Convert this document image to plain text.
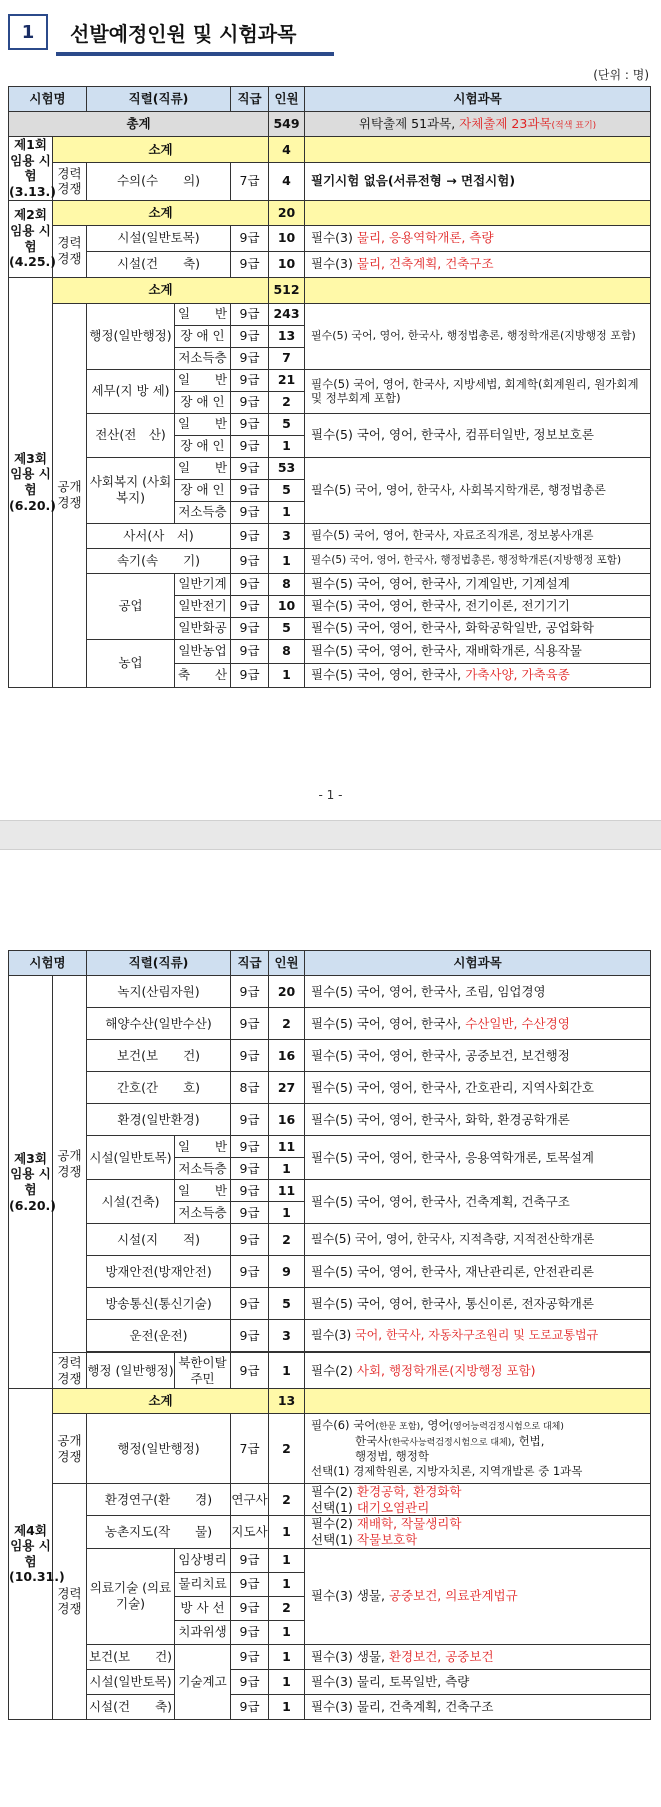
1	선발예정인원 및 시험과목
(단위 : 명)
시험명		직렬(직류)		직급	인원	시험과목
총계					549	위탁출제 51과목, 자체출제 23과목(적색 표기)
제1회 임용 시험 (3.13.)	소계				4	
	경력 경쟁	수의(수　　의)		7급	4	필기시험 없음(서류전형 → 면접시험)
제2회 임용 시험 (4.25.)	소계				20	
	경력 경쟁	시설(일반토목)		9급	10	필수(3) 물리, 응용역학개론, 측량
		시설(건　　축)		9급	10	필수(3) 물리, 건축계획, 건축구조
제3회 임용 시험 (6.20.)	소계				512	
	공개 경쟁	행정(일반행정)	일　　반	9급	243	필수(5) 국어, 영어, 한국사, 행정법총론, 행정학개론(지방행정 포함)
			장 애 인	9급	13	
			저소득층	9급	7	
		세무(지 방 세)	일　　반	9급	21	필수(5) 국어, 영어, 한국사, 지방세법, 회계학(회계원리, 원가회계 및 정부회계 포함)
			장 애 인	9급	2	
		전산(전　산)	일　　반	9급	5	필수(5) 국어, 영어, 한국사, 컴퓨터일반, 정보보호론
			장 애 인	9급	1	
		사회복지 (사회복지)	일　　반	9급	53	필수(5) 국어, 영어, 한국사, 사회복지학개론, 행정법총론
			장 애 인	9급	5	
			저소득층	9급	1	
		사서(사　서)		9급	3	필수(5) 국어, 영어, 한국사, 자료조직개론, 정보봉사개론
		속기(속　　기)		9급	1	필수(5) 국어, 영어, 한국사, 행정법총론, 행정학개론(지방행정 포함)
		공업	일반기계	9급	8	필수(5) 국어, 영어, 한국사, 기계일반, 기계설계
			일반전기	9급	10	필수(5) 국어, 영어, 한국사, 전기이론, 전기기기
			일반화공	9급	5	필수(5) 국어, 영어, 한국사, 화학공학일반, 공업화학
		농업	일반농업	9급	8	필수(5) 국어, 영어, 한국사, 재배학개론, 식용작물
			축　　산	9급	1	필수(5) 국어, 영어, 한국사, 가축사양, 가축육종
- 1 -
시험명		직렬(직류)		직급	인원	시험과목
제3회 임용 시험 (6.20.)	공개 경쟁	녹지(산림자원)		9급	20	필수(5) 국어, 영어, 한국사, 조림, 임업경영
		해양수산(일반수산)		9급	2	필수(5) 국어, 영어, 한국사, 수산일반, 수산경영
		보건(보　　건)		9급	16	필수(5) 국어, 영어, 한국사, 공중보건, 보건행정
		간호(간　　호)		8급	27	필수(5) 국어, 영어, 한국사, 간호관리, 지역사회간호
		환경(일반환경)		9급	16	필수(5) 국어, 영어, 한국사, 화학, 환경공학개론
		시설(일반토목)	일　　반	9급	11	필수(5) 국어, 영어, 한국사, 응용역학개론, 토목설계
			저소득층	9급	1	
		시설(건축)	일　　반	9급	11	필수(5) 국어, 영어, 한국사, 건축계획, 건축구조
			저소득층	9급	1	
		시설(지　　적)		9급	2	필수(5) 국어, 영어, 한국사, 지적측량, 지적전산학개론
		방재안전(방재안전)		9급	9	필수(5) 국어, 영어, 한국사, 재난관리론, 안전관리론
		방송통신(통신기술)		9급	5	필수(5) 국어, 영어, 한국사, 통신이론, 전자공학개론
		운전(운전)		9급	3	필수(3) 국어, 한국사, 자동차구조원리 및 도로교통법규

	경력 경쟁	행정 (일반행정)	북한이탈 주민	9급	1	필수(2) 사회, 행정학개론(지방행정 포함)
제4회 임용 시험 (10.31.)	소계				13	
	공개 경쟁	행정(일반행정)		7급	2	필수(6) 국어(한문 포함), 영어(영어능력검정시험으로 대체)
한국사(한국사능력검정시험으로 대체), 헌법,
행정법, 행정학
선택(1) 경제학원론, 지방자치론, 지역개발론 중 1과목

	경력 경쟁	환경연구(환　　경)		연구사	2	필수(2) 환경공학, 환경화학
선택(1) 대기오염관리

		농촌지도(작　　물)		지도사	1	필수(2) 재배학, 작물생리학
선택(1) 작물보호학

		의료기술 (의료기술)	임상병리	9급	1	필수(3) 생물, 공중보건, 의료관계법규
			물리치료	9급	1	
			방 사 선	9급	2	
			치과위생	9급	1	
		보건(보　　건)	기술계고	9급	1	필수(3) 생물, 환경보건, 공중보건
		시설(일반토목)		9급	1	필수(3) 물리, 토목일반, 측량
		시설(건　　축)		9급	1	필수(3) 물리, 건축계획, 건축구조
